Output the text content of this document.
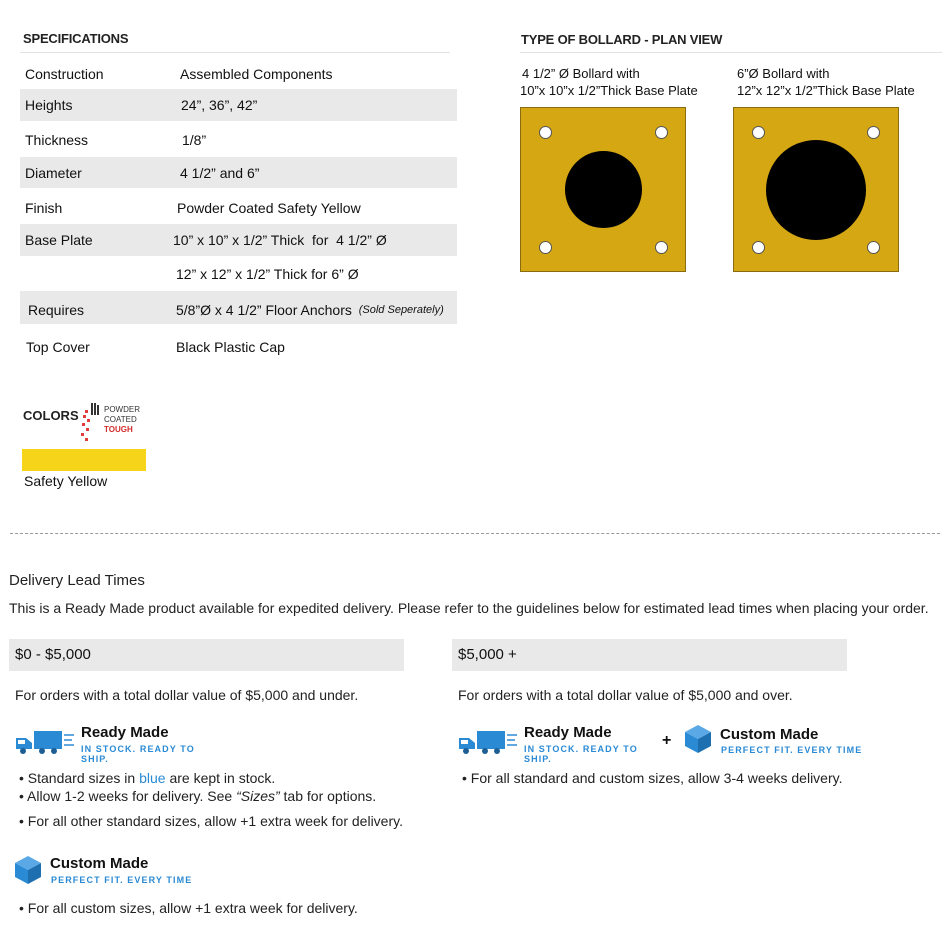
SPECIFICATIONS
Construction	Assembled Components
Heights	24”, 36”, 42”
Thickness	1/8”
Diameter	4 1/2” and 6”
Finish	Powder Coated Safety Yellow
Base Plate	10” x 10” x 1/2” Thick  for  4 1/2” Ø
12” x 12” x 1/2” Thick for 6” Ø
Requires	5/8”Ø x 4 1/2” Floor Anchors (Sold Seperately)
Top Cover	Black Plastic Cap
TYPE OF BOLLARD - PLAN VIEW
4 1/2” Ø Bollard with
10”x 10”x 1/2”Thick Base Plate
6”Ø Bollard with
12”x 12”x 1/2”Thick Base Plate
COLORS	POWDER
COATED
TOUGH
Safety Yellow
Delivery Lead Times
This is a Ready Made product available for expedited delivery. Please refer to the guidelines below for estimated lead times when placing your order.
$0 - $5,000
For orders with a total dollar value of $5,000 and under.
Ready Made
IN STOCK. READY TO SHIP.
• Standard sizes in blue are kept in stock.
• Allow 1-2 weeks for delivery. See “Sizes” tab for options.
• For all other standard sizes, allow +1 extra week for delivery.
Custom Made
PERFECT FIT. EVERY TIME
• For all custom sizes, allow +1 extra week for delivery.
$5,000 +
For orders with a total dollar value of $5,000 and over.
Ready Made
IN STOCK. READY TO SHIP.
+	Custom Made
PERFECT FIT. EVERY TIME
• For all standard and custom sizes, allow 3-4 weeks delivery.
